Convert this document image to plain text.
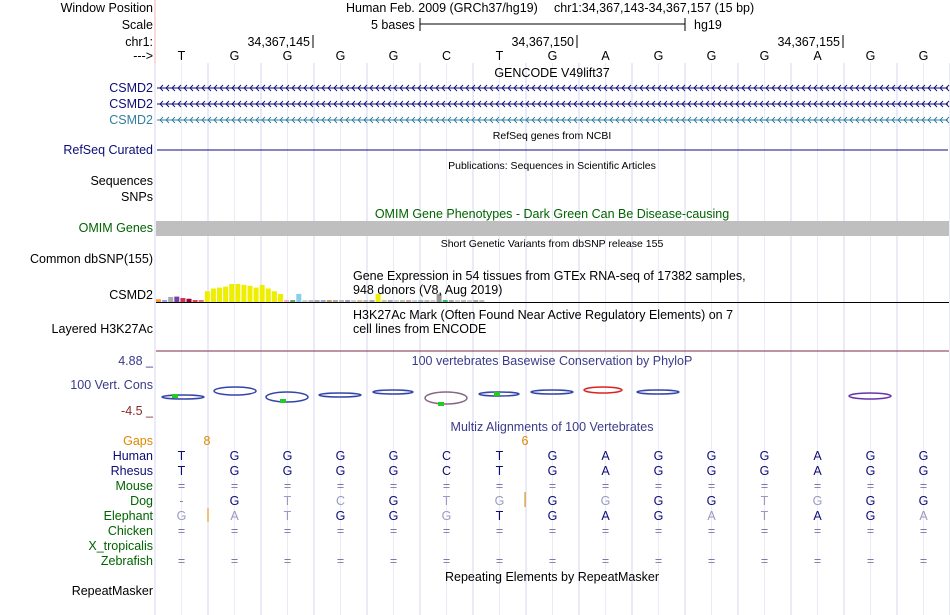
Window Position	Human Feb. 2009 (GRCh37/hg19) chr1:34,367,143-34,367,157 (15 bp)
Scale	5 bases	hg19
chr1:	34,367,145	34,367,150	34,367,155
--->	T	G	G	G	G	C	T	G	A	G	G	G	A	G	G
GENCODE V49lift37
CSMD2
CSMD2
CSMD2
RefSeq genes from NCBI
RefSeq Curated
Publications: Sequences in Scientific Articles
Sequences
SNPs
OMIM Gene Phenotypes - Dark Green Can Be Disease-causing
OMIM Genes
Short Genetic Variants from dbSNP release 155
Common dbSNP(155)
Gene Expression in 54 tissues from GTEx RNA-seq of 17382 samples, 948 donors (V8, Aug 2019)
CSMD2
H3K27Ac Mark (Often Found Near Active Regulatory Elements) on 7 cell lines from ENCODE
Layered H3K27Ac
100 vertebrates Basewise Conservation by PhyloP
4.88 _
100 Vert. Cons
-4.5 _
Multiz Alignments of 100 Vertebrates
Gaps	8	6
Human	T	G	G	G	G	C	T	G	A	G	G	G	A	G	G
Rhesus	T	G	G	G	G	C	T	G	A	G	G	G	A	G	G
Mouse	=	=	=	=	=	=	=	=	=	=	=	=	=	=	=
Dog	-	G	T	C	G	T	G	G	G	G	G	T	G	G	G
Elephant	G	A	T	G	G	G	T	G	A	G	A	T	A	G	A
Chicken	=	=	=	=	=	=	=	=	=	=	=	=	=	=	=
X_tropicalis
Zebrafish	=	=	=	=	=	=	=	=	=	=	=	=	=	=	=
Repeating Elements by RepeatMasker
RepeatMasker
